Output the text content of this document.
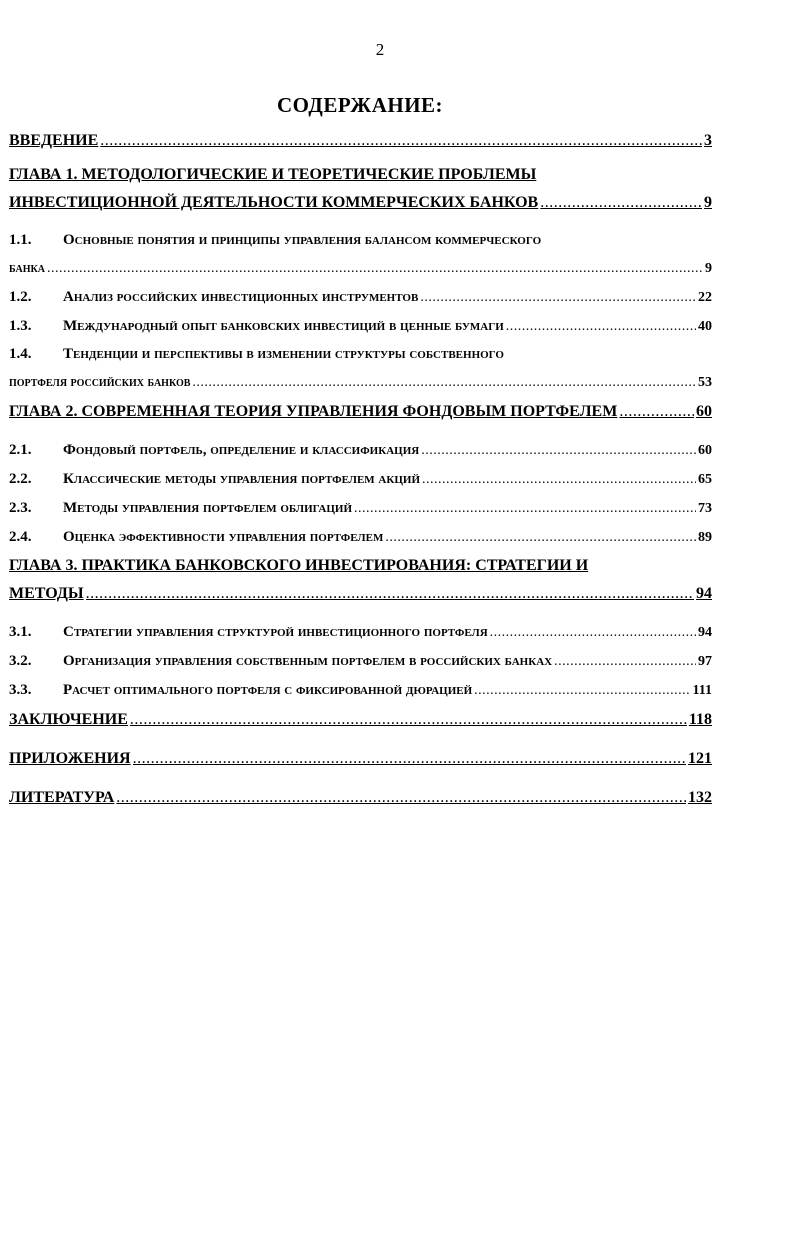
2
СОДЕРЖАНИЕ:
ВВЕДЕНИЕ .....	3
ГЛАВА 1. МЕТОДОЛОГИЧЕСКИЕ И ТЕОРЕТИЧЕСКИЕ ПРОБЛЕМЫ
ИНВЕСТИЦИОННОЙ ДЕЯТЕЛЬНОСТИ КОММЕРЧЕСКИХ БАНКОВ .....	9
1.1.	Основные понятия и принципы управления балансом коммерческого
банка .....	9
1.2.	Анализ российских инвестиционных инструментов .....	22
1.3.	Международный опыт банковских инвестиций в ценные бумаги .....	40
1.4.	Тенденции и перспективы в изменении структуры собственного
портфеля российских банков .....	53
ГЛАВА 2. СОВРЕМЕННАЯ ТЕОРИЯ УПРАВЛЕНИЯ ФОНДОВЫМ ПОРТФЕЛЕМ .....	60
2.1.	Фондовый портфель, определение и классификация .....	60
2.2.	Классические методы управления портфелем акций .....	65
2.3.	Методы управления портфелем облигаций .....	73
2.4.	Оценка эффективности управления портфелем .....	89
ГЛАВА 3. ПРАКТИКА БАНКОВСКОГО ИНВЕСТИРОВАНИЯ: СТРАТЕГИИ И
МЕТОДЫ .....	94
3.1.	Стратегии управления структурой инвестиционного портфеля .....	94
3.2.	Организация управления собственным портфелем в российских банках .....	97
3.3.	Расчет оптимального портфеля с фиксированной дюрацией .....	111
ЗАКЛЮЧЕНИЕ .....	118
ПРИЛОЖЕНИЯ .....	121
ЛИТЕРАТУРА .....	132
